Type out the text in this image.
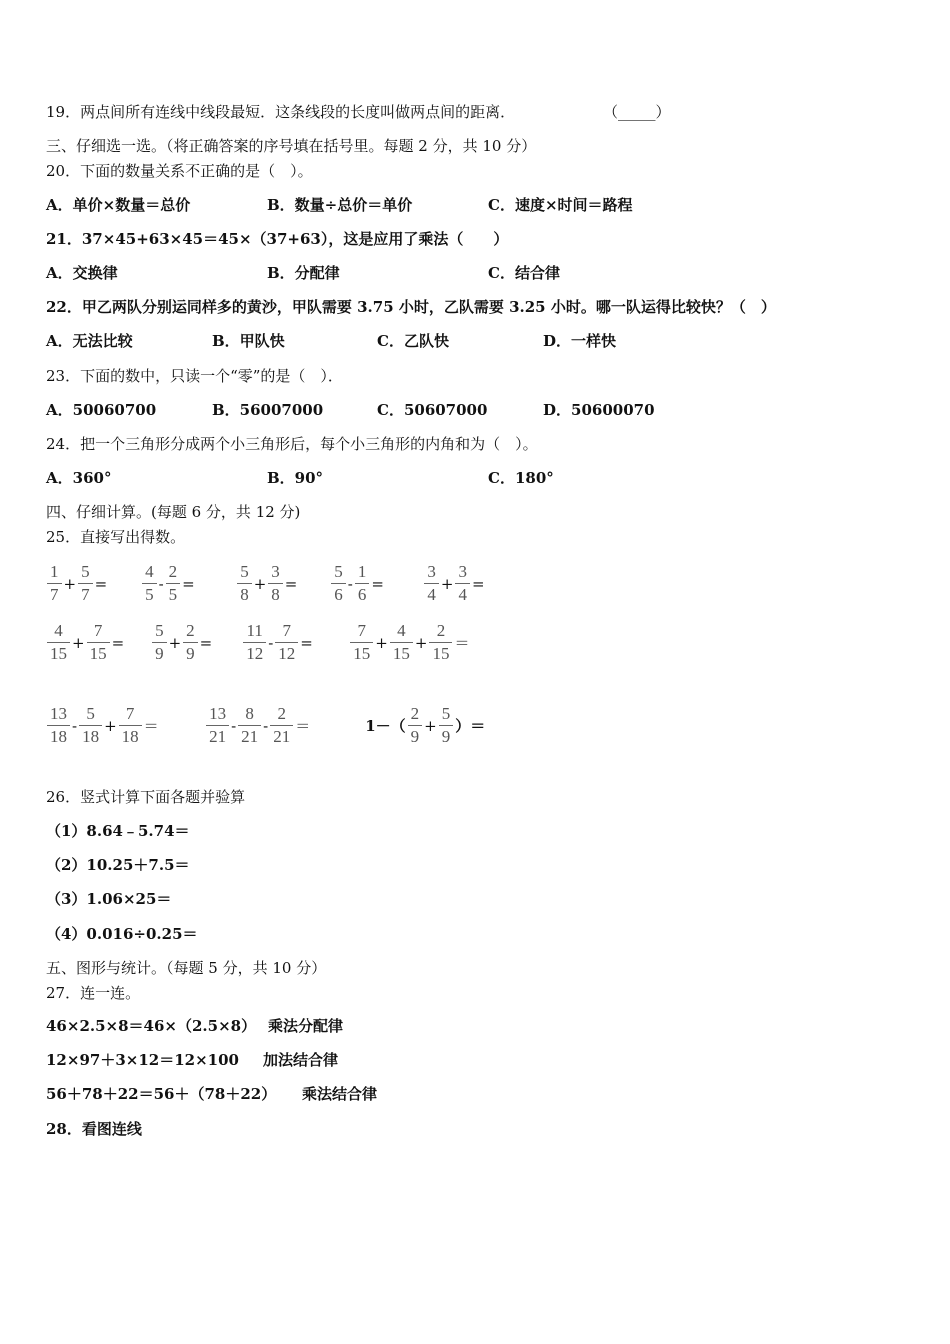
19．两点间所有连线中线段最短．这条线段的长度叫做两点间的距离．	（_____）
三、仔细选一选。（将正确答案的序号填在括号里。每题 2 分，共 10 分）
20．下面的数量关系不正确的是（　）。
A．单价×数量＝总价	B．数量÷总价＝单价	C．速度×时间＝路程
21．37×45+63×45＝45×（37+63），这是应用了乘法（　　）
A．交换律	B．分配律	C．结合律
22．甲乙两队分别运同样多的黄沙，甲队需要 3.75 小时，乙队需要 3.25 小时。哪一队运得比较快？（　）
A．无法比较	B．甲队快	C．乙队快	D．一样快
23．下面的数中，只读一个“零”的是（　）．
A．50060700	B．56007000	C．50607000	D．50600070
24．把一个三角形分成两个小三角形后，每个小三角形的内角和为（　）。
A．360°	B．90°	C．180°
四、仔细计算。(每题 6 分，共 12 分)
25．直接写出得数。
$\frac{1}{7} + \frac{5}{7} = \frac{4}{5} - \frac{2}{5} = \frac{5}{8} + \frac{3}{8} = \frac{5}{6} - \frac{1}{6} = \frac{3}{4} + \frac{3}{4}$ =
$\frac{4}{15} + \frac{7}{15} = \frac{5}{9} + \frac{2}{9} = \frac{11}{12} - \frac{7}{12} = \frac{7}{15} + \frac{4}{15} + \frac{2}{15}$ ＝
$\frac{13}{18} - \frac{5}{18} + \frac{7}{18}$ ＝	$\frac{13}{21} - \frac{8}{21} - \frac{2}{21}$ ＝	$1-( \frac{2}{9} + \frac{5}{9}$ ）＝
26．竖式计算下面各题并验算
（1）8.64﹣5.74＝
（2）10.25＋7.5＝
（3）1.06×25＝
（4）0.016÷0.25＝
五、图形与统计。（每题 5 分，共 10 分）
27．连一连。
46×2.5×8＝46×（2.5×8） 乘法分配律
12×97＋3×12＝12×100 加法结合律
56＋78＋22＝56＋（78＋22） 乘法结合律
28．看图连线
